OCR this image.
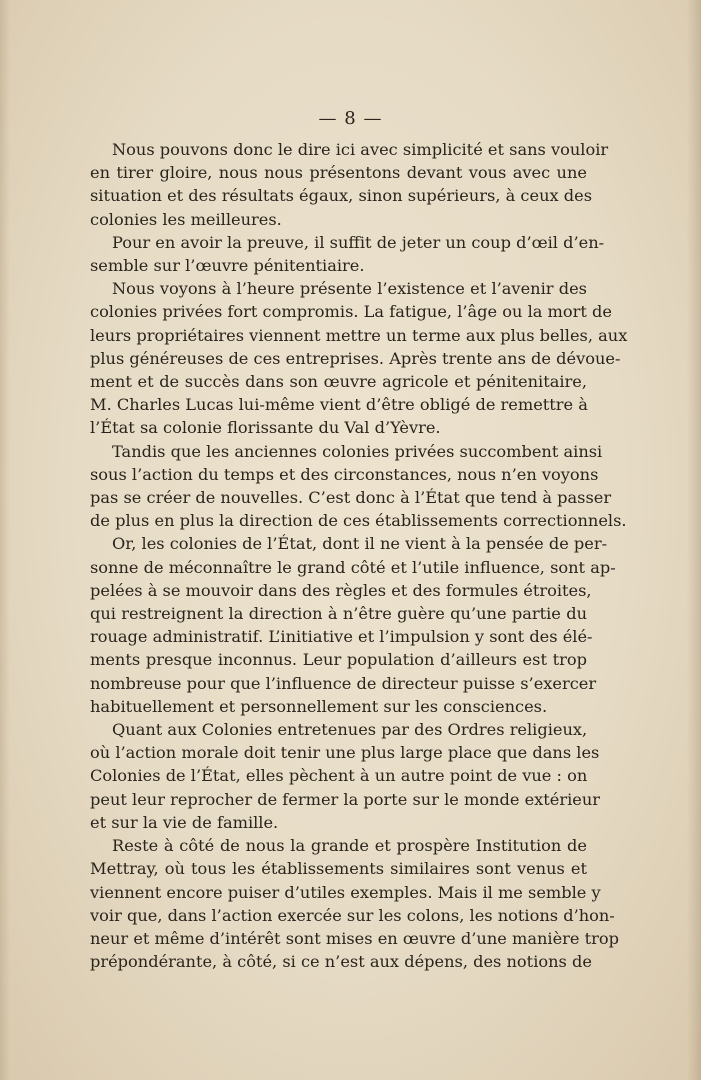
— 8 —
Nous pouvons donc le dire ici avec simplicité et sans vouloir
en tirer gloire, nous nous présentons devant vous avec une
situation et des résultats égaux, sinon supérieurs, à ceux des
colonies les meilleures.
Pour en avoir la preuve, il suffit de jeter un coup d’œil d’en-
semble sur l’œuvre pénitentiaire.
Nous voyons à l’heure présente l’existence et l’avenir des
colonies privées fort compromis. La fatigue, l’âge ou la mort de
leurs propriétaires viennent mettre un terme aux plus belles, aux
plus généreuses de ces entreprises. Après trente ans de dévoue-
ment et de succès dans son œuvre agricole et pénitenitaire,
M. Charles Lucas lui-même vient d’être obligé de remettre à
l’État sa colonie florissante du Val d’Yèvre.
Tandis que les anciennes colonies privées succombent ainsi
sous l’action du temps et des circonstances, nous n’en voyons
pas se créer de nouvelles. C’est donc à l’État que tend à passer
de plus en plus la direction de ces établissements correctionnels.
Or, les colonies de l’État, dont il ne vient à la pensée de per-
sonne de méconnaître le grand côté et l’utile influence, sont ap-
pelées à se mouvoir dans des règles et des formules étroites,
qui restreignent la direction à n’être guère qu’une partie du
rouage administratif. L’initiative et l’impulsion y sont des élé-
ments presque inconnus. Leur population d’ailleurs est trop
nombreuse pour que l’influence de directeur puisse s’exercer
habituellement et personnellement sur les consciences.
Quant aux Colonies entretenues par des Ordres religieux,
où l’action morale doit tenir une plus large place que dans les
Colonies de l’État, elles pèchent à un autre point de vue : on
peut leur reprocher de fermer la porte sur le monde extérieur
et sur la vie de famille.
Reste à côté de nous la grande et prospère Institution de
Mettray, où tous les établissements similaires sont venus et
viennent encore puiser d’utiles exemples. Mais il me semble y
voir que, dans l’action exercée sur les colons, les notions d’hon-
neur et même d’intérêt sont mises en œuvre d’une manière trop
prépondérante, à côté, si ce n’est aux dépens, des notions de
